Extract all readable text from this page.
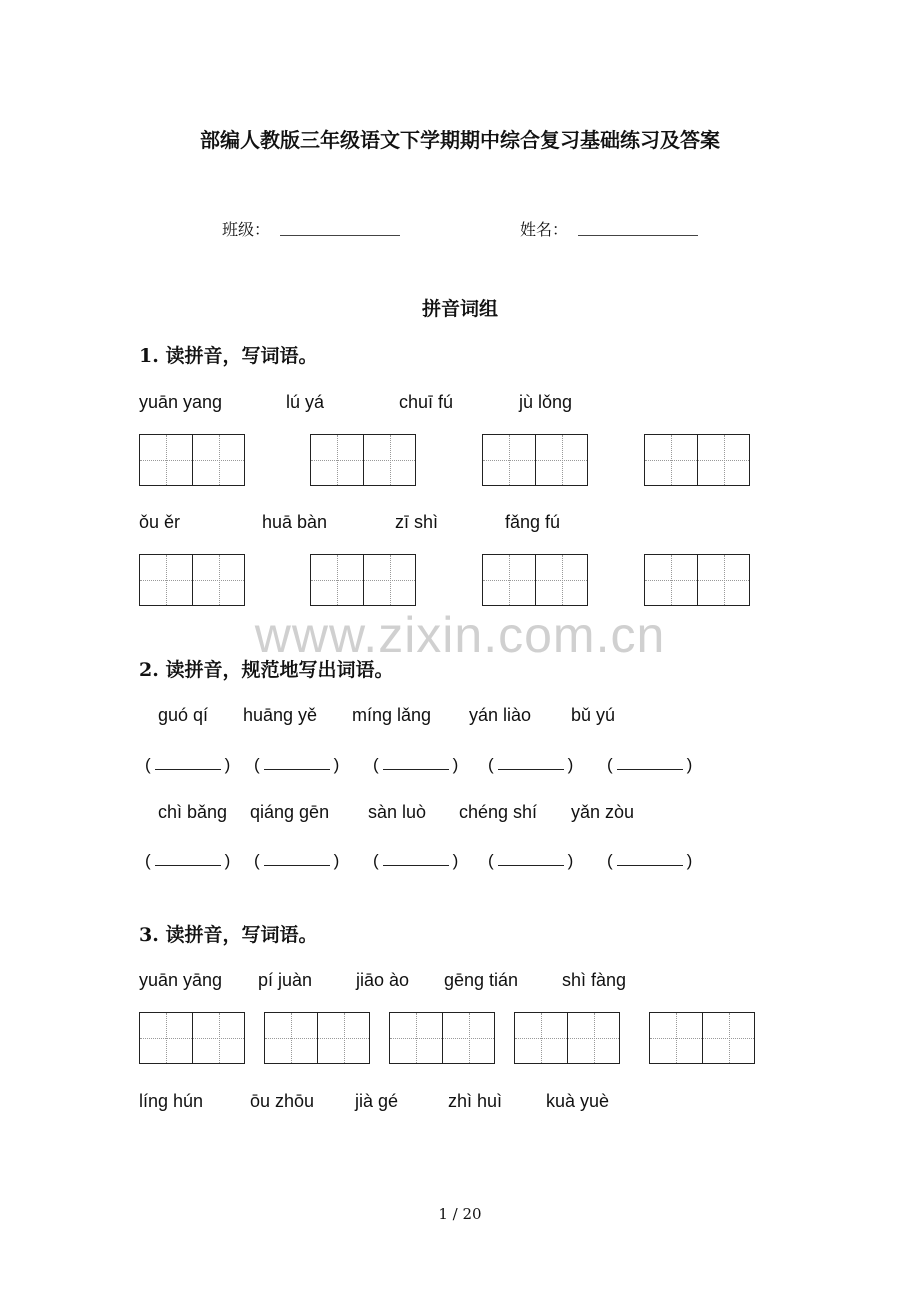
部编人教版三年级语文下学期期中综合复习基础练习及答案
班级：	姓名：
拼音词组
1. 读拼音，写词语。
yuān yang	lú yá	chuī fú	jù lǒng
ǒu ěr	huā bàn	zī shì	fǎng fú
www.zixin.com.cn
2. 读拼音，规范地写出词语。
guó qí huāng yě míng lǎng yán liào bǔ yú
(	) (	) (	) (	) (	)
chì bǎng qiáng gēn sàn luò chéng shí yǎn zòu
(	) (	) (	) (	) (	)
3. 读拼音，写词语。
yuān yāng pí juàn jiāo ào gēng tián shì fàng
líng hún	ōu zhōu jià gé	zhì huì kuà yuè
1 / 20
